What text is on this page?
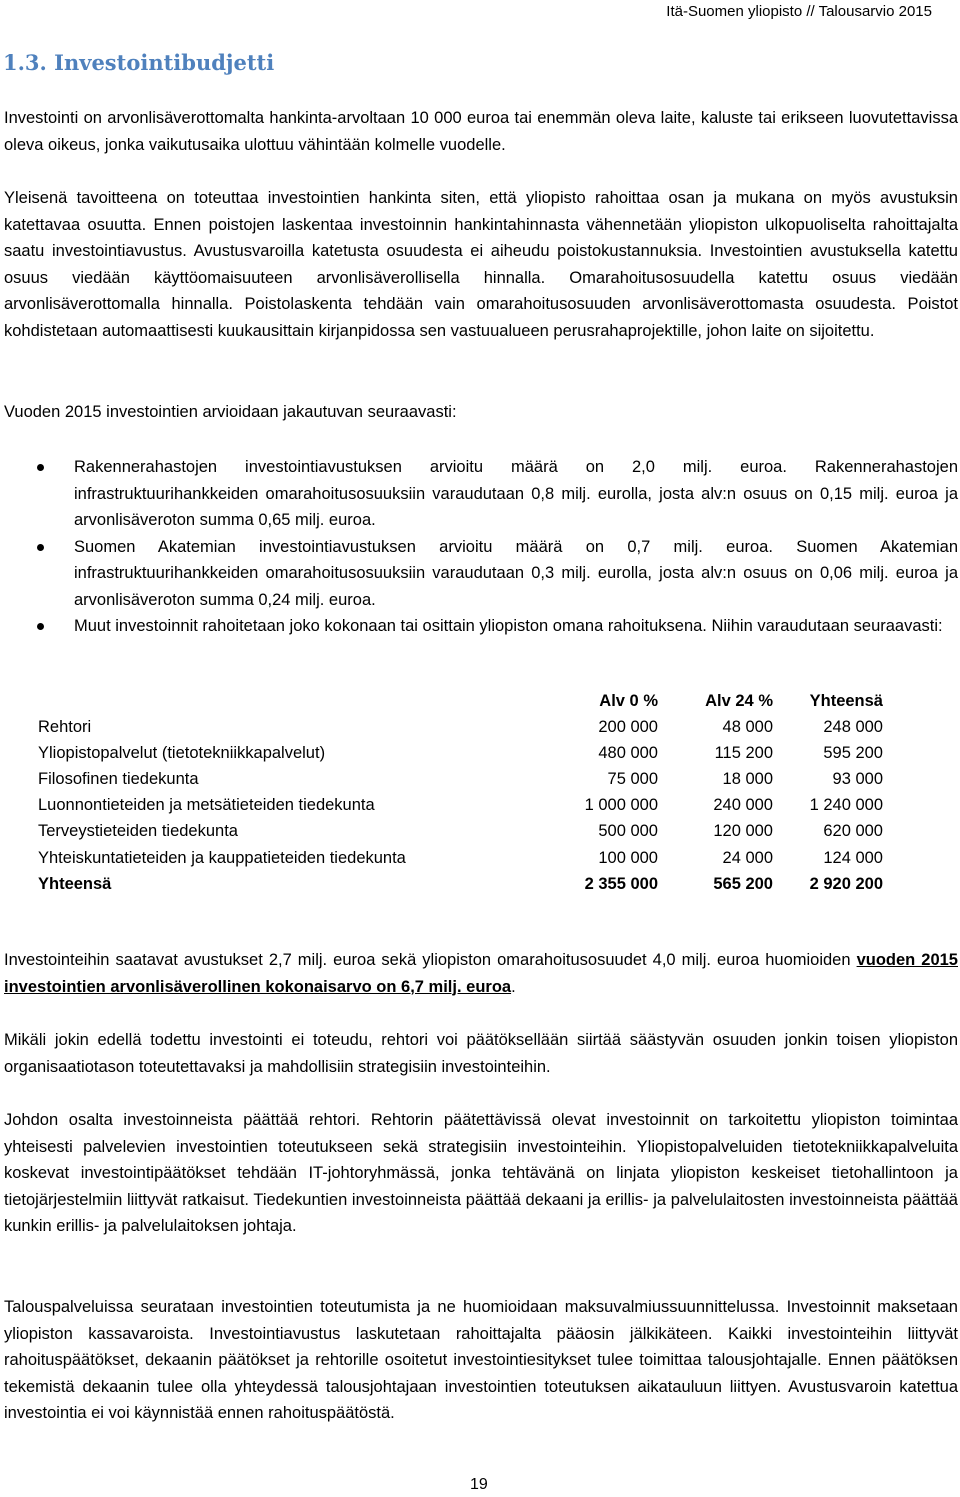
Itä-Suomen yliopisto // Talousarvio 2015
1.3. Investointibudjetti

Investointi on arvonlisäverottomalta hankinta-arvoltaan 10 000 euroa tai enemmän oleva laite, kaluste tai erikseen luovutettavissa oleva oikeus, jonka vaikutusaika ulottuu vähintään kolmelle vuodelle.

Yleisenä tavoitteena on toteuttaa investointien hankinta siten, että yliopisto rahoittaa osan ja mukana on myös avustuksin katettavaa osuutta. Ennen poistojen laskentaa investoinnin hankintahinnasta vähennetään yliopiston ulkopuoliselta rahoittajalta saatu investointiavustus. Avustusvaroilla katetusta osuudesta ei aiheudu poistokustannuksia. Investointien avustuksella katettu osuus viedään käyttöomaisuuteen arvonlisäverollisella hinnalla. Omarahoitusosuudella katettu osuus viedään arvonlisäverottomalla hinnalla. Poistolaskenta tehdään vain omarahoitusosuuden arvonlisäverottomasta osuudesta. Poistot kohdistetaan automaattisesti kuukausittain kirjanpidossa sen vastuualueen perusrahaprojektille, johon laite on sijoitettu.

Vuoden 2015 investointien arvioidaan jakautuvan seuraavasti:

Rakennerahastojen investointiavustuksen arvioitu määrä on 2,0 milj. euroa. Rakennerahastojen infrastruktuurihankkeiden omarahoitusosuuksiin varaudutaan 0,8 milj. eurolla, josta alv:n osuus on 0,15 milj. euroa ja arvonlisäveroton summa 0,65 milj. euroa.
Suomen Akatemian investointiavustuksen arvioitu määrä on 0,7 milj. euroa. Suomen Akatemian infrastruktuurihankkeiden omarahoitusosuuksiin varaudutaan 0,3 milj. eurolla, josta alv:n osuus on 0,06 milj. euroa ja arvonlisäveroton summa 0,24 milj. euroa.
Muut investoinnit rahoitetaan joko kokonaan tai osittain yliopiston omana rahoituksena. Niihin varaudutaan seuraavasti:
	Alv 0 %	Alv 24 %	Yhteensä
Rehtori	200 000	48 000	248 000
Yliopistopalvelut (tietotekniikkapalvelut)	480 000	115 200	595 200
Filosofinen tiedekunta	75 000	18 000	93 000
Luonnontieteiden ja metsätieteiden tiedekunta	1 000 000	240 000	1 240 000
Terveystieteiden tiedekunta	500 000	120 000	620 000
Yhteiskuntatieteiden ja kauppatieteiden tiedekunta	100 000	24 000	124 000
Yhteensä	2 355 000	565 200	2 920 200

Investointeihin saatavat avustukset 2,7 milj. euroa sekä yliopiston omarahoitusosuudet 4,0 milj. euroa huomioiden vuoden 2015 investointien arvonlisäverollinen kokonaisarvo on 6,7 milj. euroa.

Mikäli jokin edellä todettu investointi ei toteudu, rehtori voi päätöksellään siirtää säästyvän osuuden jonkin toisen yliopiston organisaatiotason toteutettavaksi ja mahdollisiin strategisiin investointeihin.

Johdon osalta investoinneista päättää rehtori. Rehtorin päätettävissä olevat investoinnit on tarkoitettu yliopiston toimintaa yhteisesti palvelevien investointien toteutukseen sekä strategisiin investointeihin. Yliopistopalveluiden tietotekniikkapalveluita koskevat investointipäätökset tehdään IT-johtoryhmässä, jonka tehtävänä on linjata yliopiston keskeiset tietohallintoon ja tietojärjestelmiin liittyvät ratkaisut. Tiedekuntien investoinneista päättää dekaani ja erillis- ja palvelulaitosten investoinneista päättää kunkin erillis- ja palvelulaitoksen johtaja.

Talouspalveluissa seurataan investointien toteutumista ja ne huomioidaan maksuvalmiussuunnittelussa. Investoinnit maksetaan yliopiston kassavaroista. Investointiavustus laskutetaan rahoittajalta pääosin jälkikäteen. Kaikki investointeihin liittyvät rahoituspäätökset, dekaanin päätökset ja rehtorille osoitetut investointiesitykset tulee toimittaa talousjohtajalle. Ennen päätöksen tekemistä dekaanin tulee olla yhteydessä talousjohtajaan investointien toteutuksen aikatauluun liittyen. Avustusvaroin katettua investointia ei voi käynnistää ennen rahoituspäätöstä.

19
